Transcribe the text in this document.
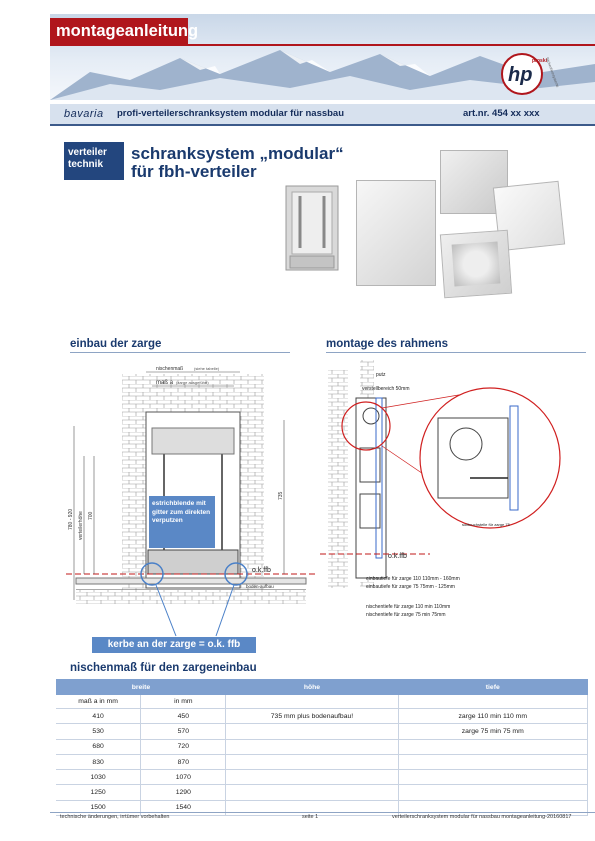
montageanleitung
hp
proski
flächenheizsysteme
bavaria profi-verteilerschranksystem modular für nassbau	art.nr. 454 xx xxx
verteiler
technik
schranksystem „modular“
für fbh-verteiler
einbau der zarge	montage des rahmens
nischenmaß	(siehe tabelle)
maß a (zarge ausgeführt)
780 - 920 verteilerhöhe 700
735
o.k.ffb
boden-aufbau
estrichblende mit gitter zum direkten verputzen
kerbe an der zarge = o.k. ffb
o.k.ffb
putz
verstellbereich 50mm
sollbruchstelle für zarge 75
einbautiefe für zarge 110 110mm - 160mm
einbautiefe für zarge 75 75mm - 125mm
nischentiefe für zarge 110 min 110mm
nischentiefe für zarge 75 min 75mm
nischenmaß für den zargeneinbau
breite		höhe	tiefe
maß a in mm	in mm		
410	450	735 mm plus bodenaufbau!	zarge 110 min 110 mm
530	570		zarge 75 min 75 mm
680	720		
830	870		
1030	1070		
1250	1290		
1500	1540		
technische änderungen, irrtümer vorbehalten	seite 1	verteilerschranksystem modular für nassbau montageanleitung-20160817
